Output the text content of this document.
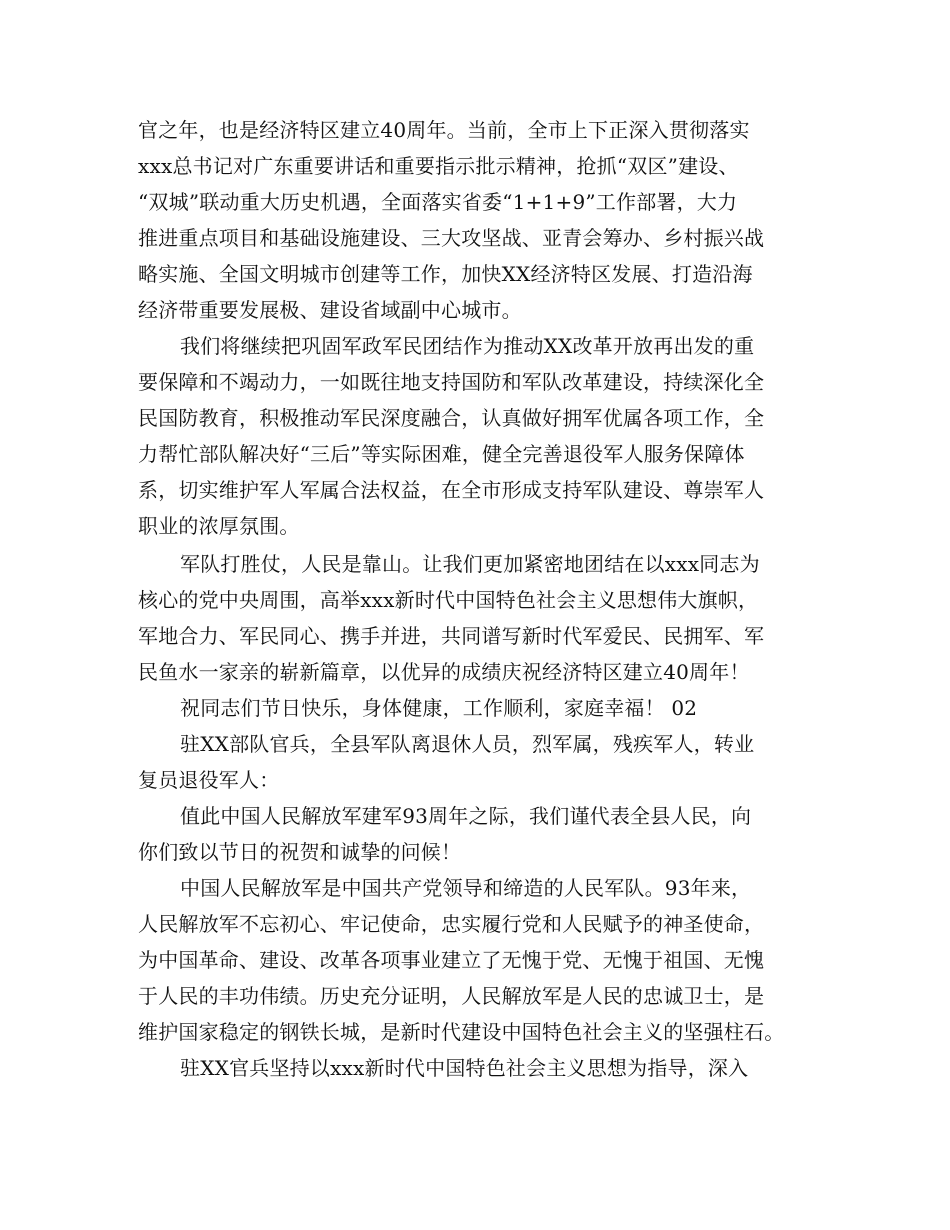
官之年，也是经济特区建立40周年。当前，全市上下正深入贯彻落实
xxx总书记对广东重要讲话和重要指示批示精神，抢抓“双区”建设、
“双城”联动重大历史机遇，全面落实省委“1+1+9”工作部署，大力
推进重点项目和基础设施建设、三大攻坚战、亚青会筹办、乡村振兴战
略实施、全国文明城市创建等工作，加快XX经济特区发展、打造沿海
经济带重要发展极、建设省域副中心城市。
我们将继续把巩固军政军民团结作为推动XX改革开放再出发的重
要保障和不竭动力，一如既往地支持国防和军队改革建设，持续深化全
民国防教育，积极推动军民深度融合，认真做好拥军优属各项工作，全
力帮忙部队解决好“三后”等实际困难，健全完善退役军人服务保障体
系，切实维护军人军属合法权益，在全市形成支持军队建设、尊崇军人
职业的浓厚氛围。
军队打胜仗，人民是靠山。让我们更加紧密地团结在以xxx同志为
核心的党中央周围，高举xxx新时代中国特色社会主义思想伟大旗帜，
军地合力、军民同心、携手并进，共同谱写新时代军爱民、民拥军、军
民鱼水一家亲的崭新篇章，以优异的成绩庆祝经济特区建立40周年！
祝同志们节日快乐，身体健康，工作顺利，家庭幸福！ 02
驻XX部队官兵，全县军队离退休人员，烈军属，残疾军人，转业
复员退役军人：
值此中国人民解放军建军93周年之际，我们谨代表全县人民，向
你们致以节日的祝贺和诚挚的问候！
中国人民解放军是中国共产党领导和缔造的人民军队。93年来，
人民解放军不忘初心、牢记使命，忠实履行党和人民赋予的神圣使命，
为中国革命、建设、改革各项事业建立了无愧于党、无愧于祖国、无愧
于人民的丰功伟绩。历史充分证明，人民解放军是人民的忠诚卫士，是
维护国家稳定的钢铁长城，是新时代建设中国特色社会主义的坚强柱石。
驻XX官兵坚持以xxx新时代中国特色社会主义思想为指导，深入
